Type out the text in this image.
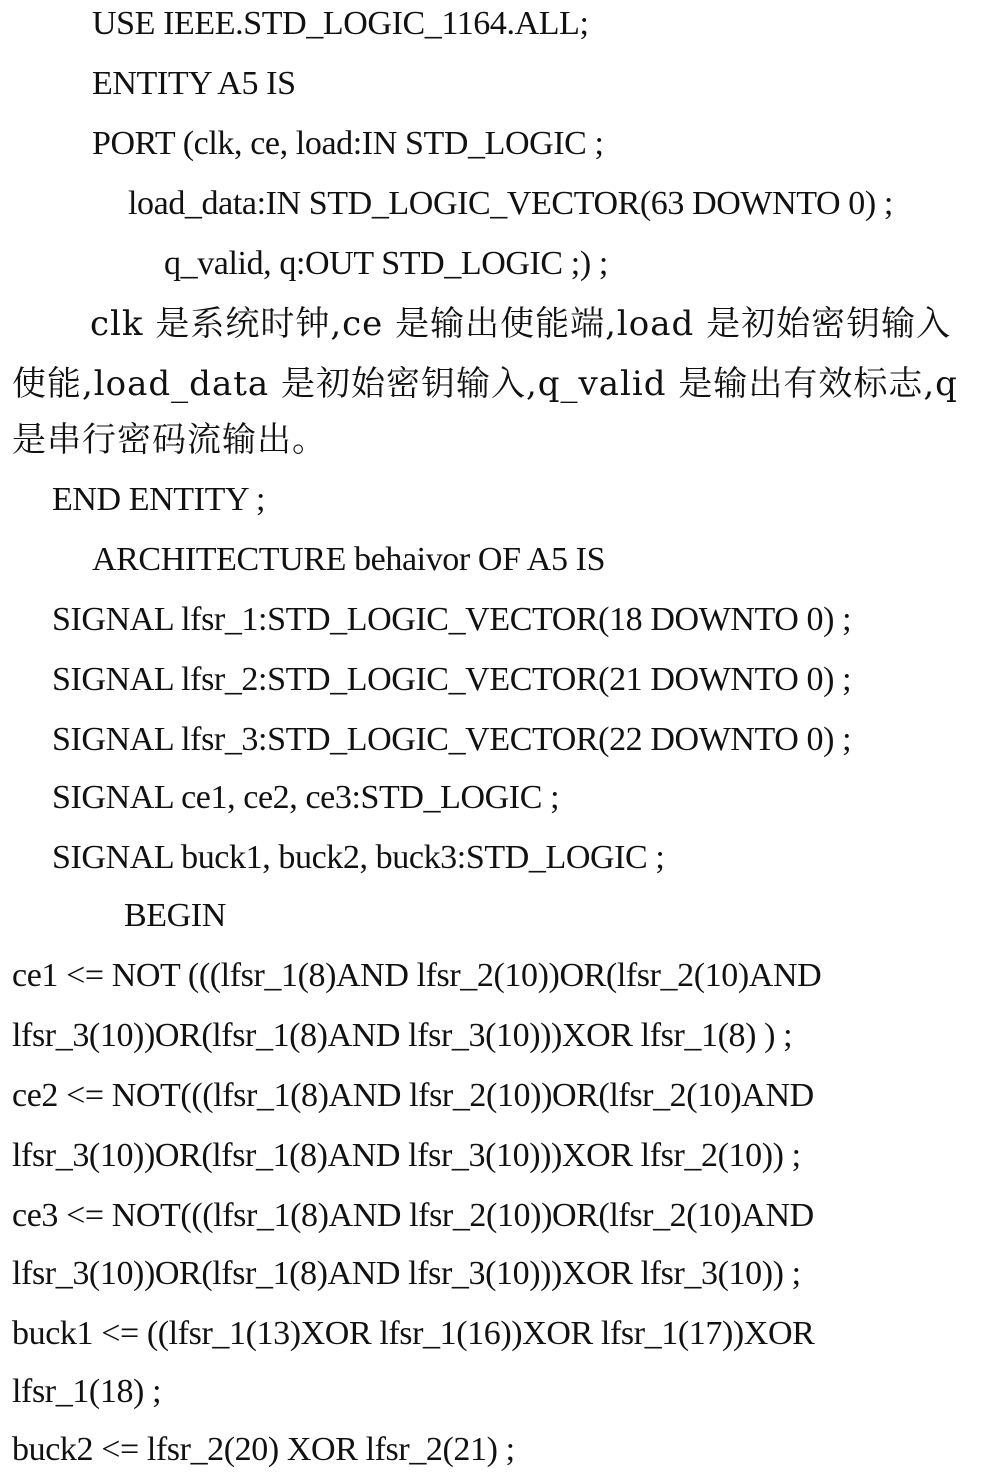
USE IEEE.STD_LOGIC_1164.ALL;
ENTITY A5 IS
PORT (clk, ce, load:IN STD_LOGIC ;
load_data:IN STD_LOGIC_VECTOR(63 DOWNTO 0) ;
q_valid, q:OUT STD_LOGIC ;) ;
clk 是系统时钟,ce 是输出使能端,load 是初始密钥输入
使能,load_data 是初始密钥输入,q_valid 是输出有效标志,q
是串行密码流输出。
END ENTITY ;
ARCHITECTURE behaivor OF A5 IS
SIGNAL lfsr_1:STD_LOGIC_VECTOR(18 DOWNTO 0) ;
SIGNAL lfsr_2:STD_LOGIC_VECTOR(21 DOWNTO 0) ;
SIGNAL lfsr_3:STD_LOGIC_VECTOR(22 DOWNTO 0) ;
SIGNAL ce1, ce2, ce3:STD_LOGIC ;
SIGNAL buck1, buck2, buck3:STD_LOGIC ;
BEGIN
ce1 <= NOT (((lfsr_1(8)AND lfsr_2(10))OR(lfsr_2(10)AND
lfsr_3(10))OR(lfsr_1(8)AND lfsr_3(10)))XOR lfsr_1(8) ) ;
ce2 <= NOT(((lfsr_1(8)AND lfsr_2(10))OR(lfsr_2(10)AND
lfsr_3(10))OR(lfsr_1(8)AND lfsr_3(10)))XOR lfsr_2(10)) ;
ce3 <= NOT(((lfsr_1(8)AND lfsr_2(10))OR(lfsr_2(10)AND
lfsr_3(10))OR(lfsr_1(8)AND lfsr_3(10)))XOR lfsr_3(10)) ;
buck1 <= ((lfsr_1(13)XOR lfsr_1(16))XOR lfsr_1(17))XOR
lfsr_1(18) ;
buck2 <= lfsr_2(20) XOR lfsr_2(21) ;
